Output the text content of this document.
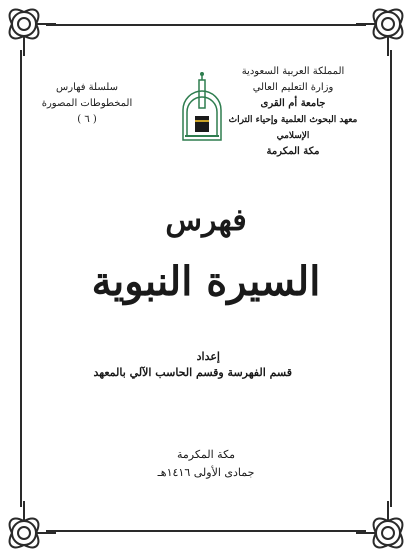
المملكة العربية السعودية
وزارة التعليم العالي
جامعة أم القرى
معهد البحوث العلمية وإحياء التراث الإسلامي
مكة المكرمة
سلسلة فهارس
المخطوطات المصورة
( ٦ )
فهرس
السيرة النبوية
إعداد
قسم الفهرسة وقسم الحاسب الآلي بالمعهد
مكة المكرمة
جمادى الأولى ١٤١٦هـ
